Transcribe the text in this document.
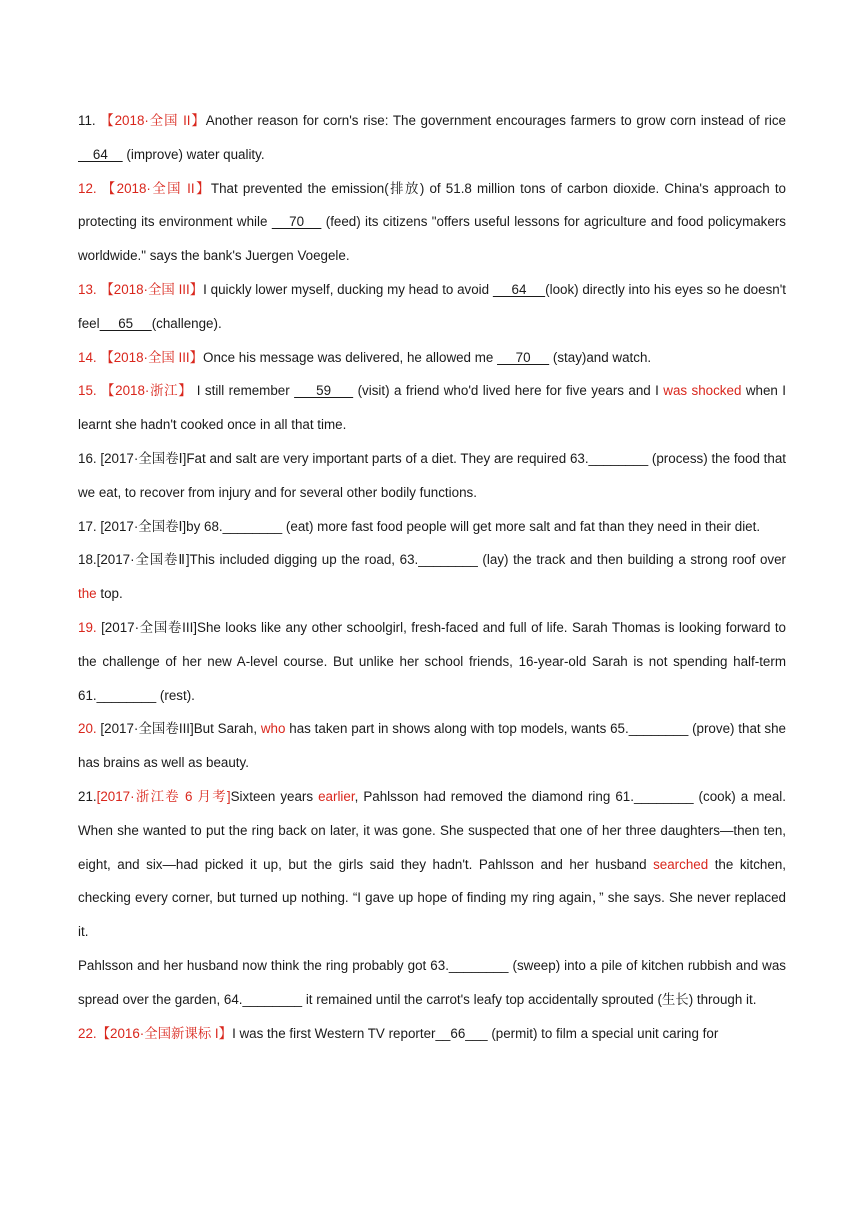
11. 【2018·全国 II】Another reason for corn's rise: The government encourages farmers to grow corn instead of rice     64     (improve) water quality.

12. 【2018·全国 II】That prevented the emission(排放) of 51.8 million tons of carbon dioxide. China's approach to protecting its environment while     70     (feed) its citizens "offers useful lessons for agriculture and food policymakers worldwide." says the bank's Juergen Voegele.

13. 【2018·全国 III】I quickly lower myself, ducking my head to avoid      64     (look) directly into his eyes so he doesn't feel     65     (challenge).

14. 【2018·全国 III】Once his message was delivered, he allowed me      70      (stay)and watch.

15. 【2018·浙江】 I still remember      59      (visit) a friend who'd lived here for five years and I was shocked when I learnt she hadn't cooked once in all that time.

16. [2017·全国卷Ⅰ]Fat and salt are very important parts of a diet. They are required 63.________ (process) the food that we eat, to recover from injury and for several other bodily functions.

17. [2017·全国卷Ⅰ]by 68.________ (eat) more fast food people will get more salt and fat than they need in their diet.

18.[2017·全国卷Ⅱ]This included digging up the road, 63.________ (lay) the track and then building a strong roof over the top.

19. [2017·全国卷III]She looks like any other schoolgirl, fresh-faced and full of life. Sarah Thomas is looking forward to the challenge of her new A-level course. But unlike her school friends, 16-year-old Sarah is not spending half-term 61.________ (rest).

20. [2017·全国卷III]But Sarah, who has taken part in shows along with top models, wants 65.________ (prove) that she has brains as well as beauty.

21.[2017·浙江卷 6 月考]Sixteen years earlier, Pahlsson had removed the diamond ring 61.________ (cook) a meal. When she wanted to put the ring back on later, it was gone. She suspected that one of her three daughters—then ten, eight, and six—had picked it up, but the girls said they hadn't. Pahlsson and her husband searched the kitchen, checking every corner, but turned up nothing. “I gave up hope of finding my ring again，” she says. She never replaced it.

Pahlsson and her husband now think the ring probably got 63.________ (sweep) into a pile of kitchen rubbish and was spread over the garden, 64.________ it remained until the carrot's leafy top accidentally sprouted (生长) through it.

22.【2016·全国新课标 I】I was the first Western TV reporter__66___ (permit) to film a special unit caring for
